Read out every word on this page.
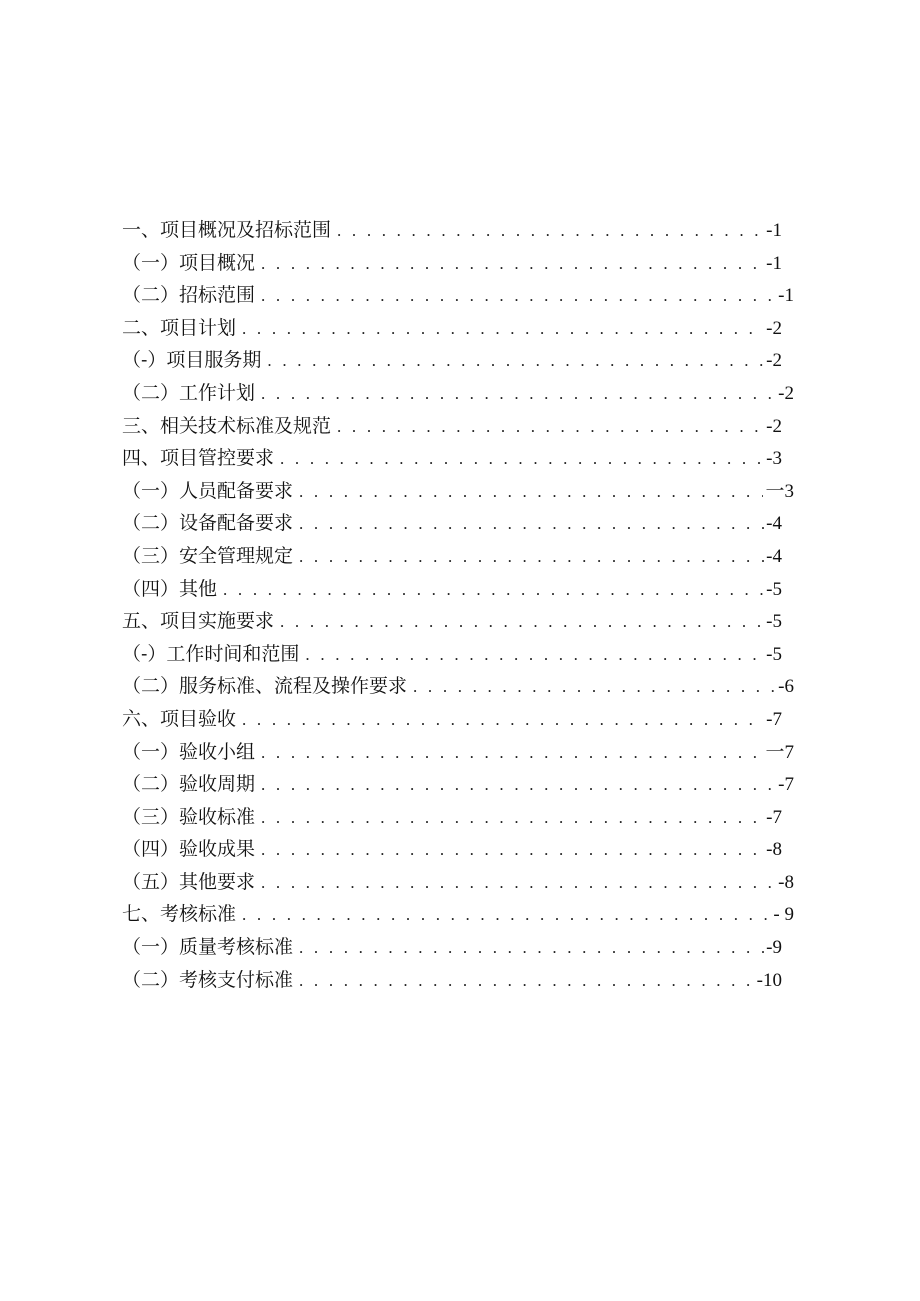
一、项目概况及招标范围 . . .	-1
（一）项目概况 . . .	-1
（二）招标范围 . . .	-1
二、项目计划 . . .	-2
（-）项目服务期 . . .	-2
（二）工作计划 . . .	-2
三、相关技术标准及规范 . . .	-2
四、项目管控要求 . . .	-3
（一）人员配备要求 . . .	一3
（二）设备配备要求 . . .	-4
（三）安全管理规定 . . .	-4
（四）其他 . . .	-5
五、项目实施要求 . . .	-5
（-）工作时间和范围 . . .	-5
（二）服务标准、流程及操作要求 . . .	-6
六、项目验收 . . .	-7
（一）验收小组 . . .	一7
（二）验收周期 . . .	-7
（三）验收标准 . . .	-7
（四）验收成果 . . .	-8
（五）其他要求 . . .	-8
七、考核标准 . . .	- 9
（一）质量考核标准 . . .	-9
（二）考核支付标准 . . .	-10
